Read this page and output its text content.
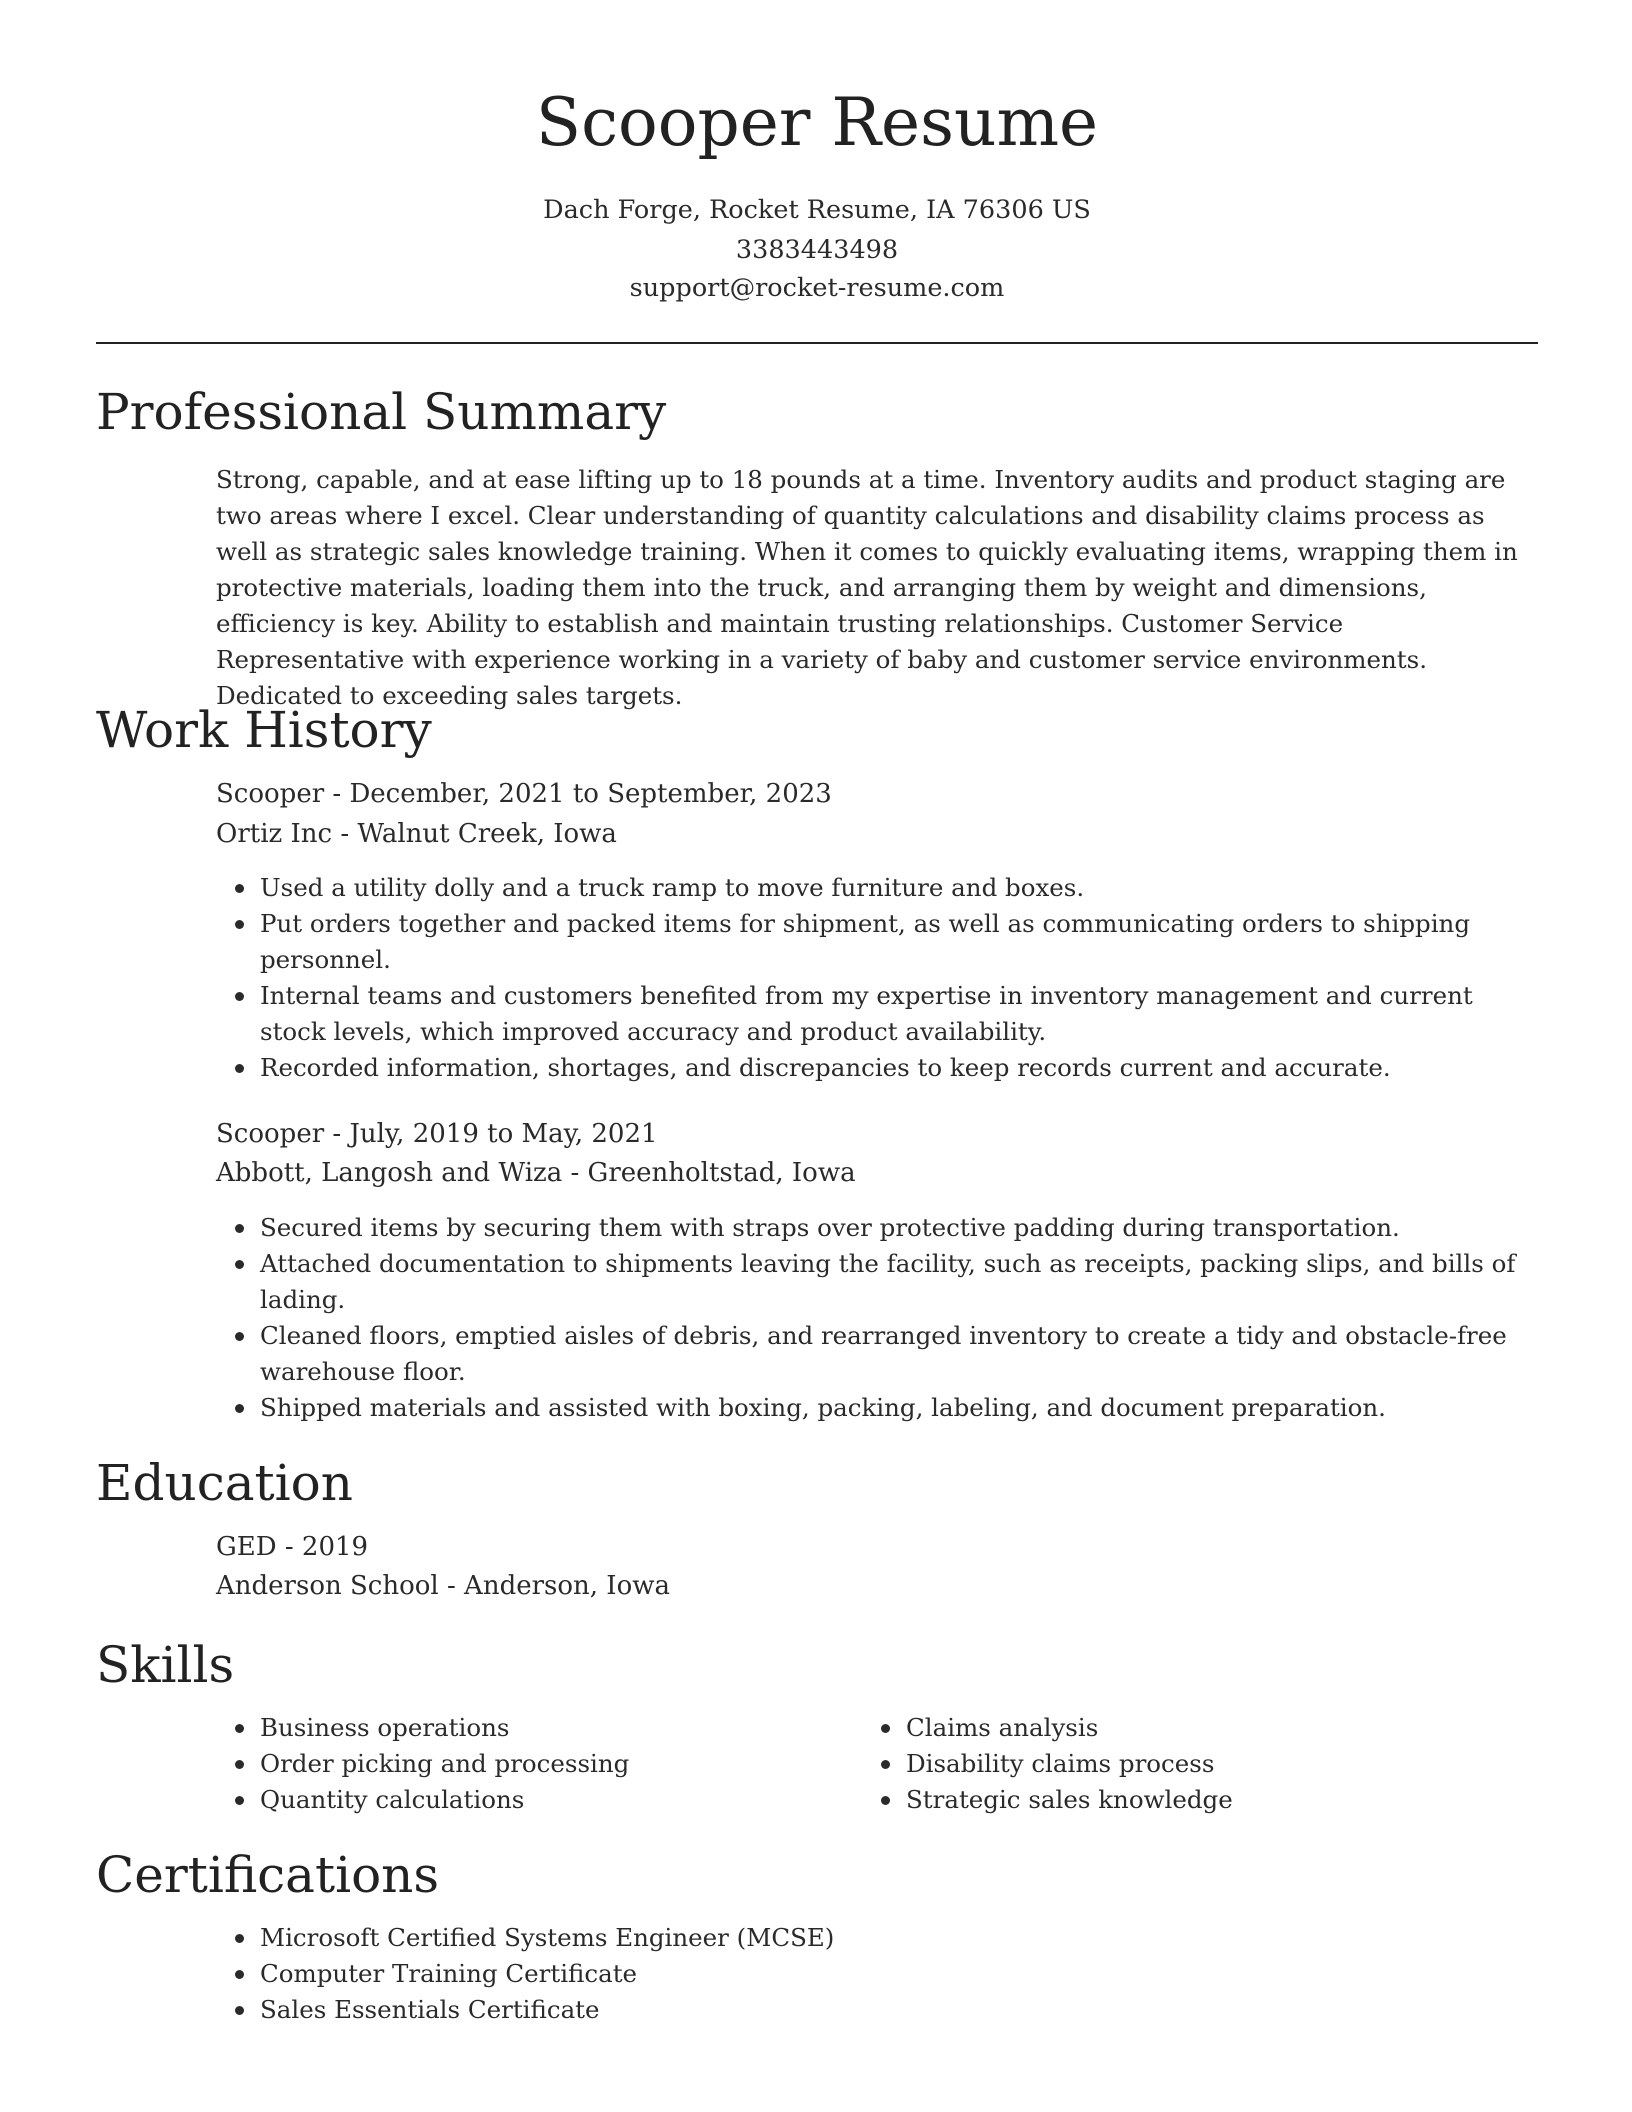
Scooper Resume
Dach Forge, Rocket Resume, IA 76306 US
3383443498
support@rocket-resume.com
Professional Summary

Strong, capable, and at ease lifting up to 18 pounds at a time. Inventory audits and product staging are two areas where I excel. Clear understanding of quantity calculations and disability claims process as well as strategic sales knowledge training. When it comes to quickly evaluating items, wrapping them in protective materials, loading them into the truck, and arranging them by weight and dimensions, efficiency is key. Ability to establish and maintain trusting relationships. Customer Service Representative with experience working in a variety of baby and customer service environments. Dedicated to exceeding sales targets.

Work History
Scooper - December, 2021 to September, 2023
Ortiz Inc - Walnut Creek, Iowa
Used a utility dolly and a truck ramp to move furniture and boxes.
Put orders together and packed items for shipment, as well as communicating orders to shipping personnel.
Internal teams and customers benefited from my expertise in inventory management and current stock levels, which improved accuracy and product availability.
Recorded information, shortages, and discrepancies to keep records current and accurate.
Scooper - July, 2019 to May, 2021
Abbott, Langosh and Wiza - Greenholtstad, Iowa
Secured items by securing them with straps over protective padding during transportation.
Attached documentation to shipments leaving the facility, such as receipts, packing slips, and bills of lading.
Cleaned floors, emptied aisles of debris, and rearranged inventory to create a tidy and obstacle-free warehouse floor.
Shipped materials and assisted with boxing, packing, labeling, and document preparation.
Education
GED - 2019
Anderson School - Anderson, Iowa
Skills
Business operations
Order picking and processing
Quantity calculations
Claims analysis
Disability claims process
Strategic sales knowledge
Certifications
Microsoft Certified Systems Engineer (MCSE)
Computer Training Certificate
Sales Essentials Certificate
